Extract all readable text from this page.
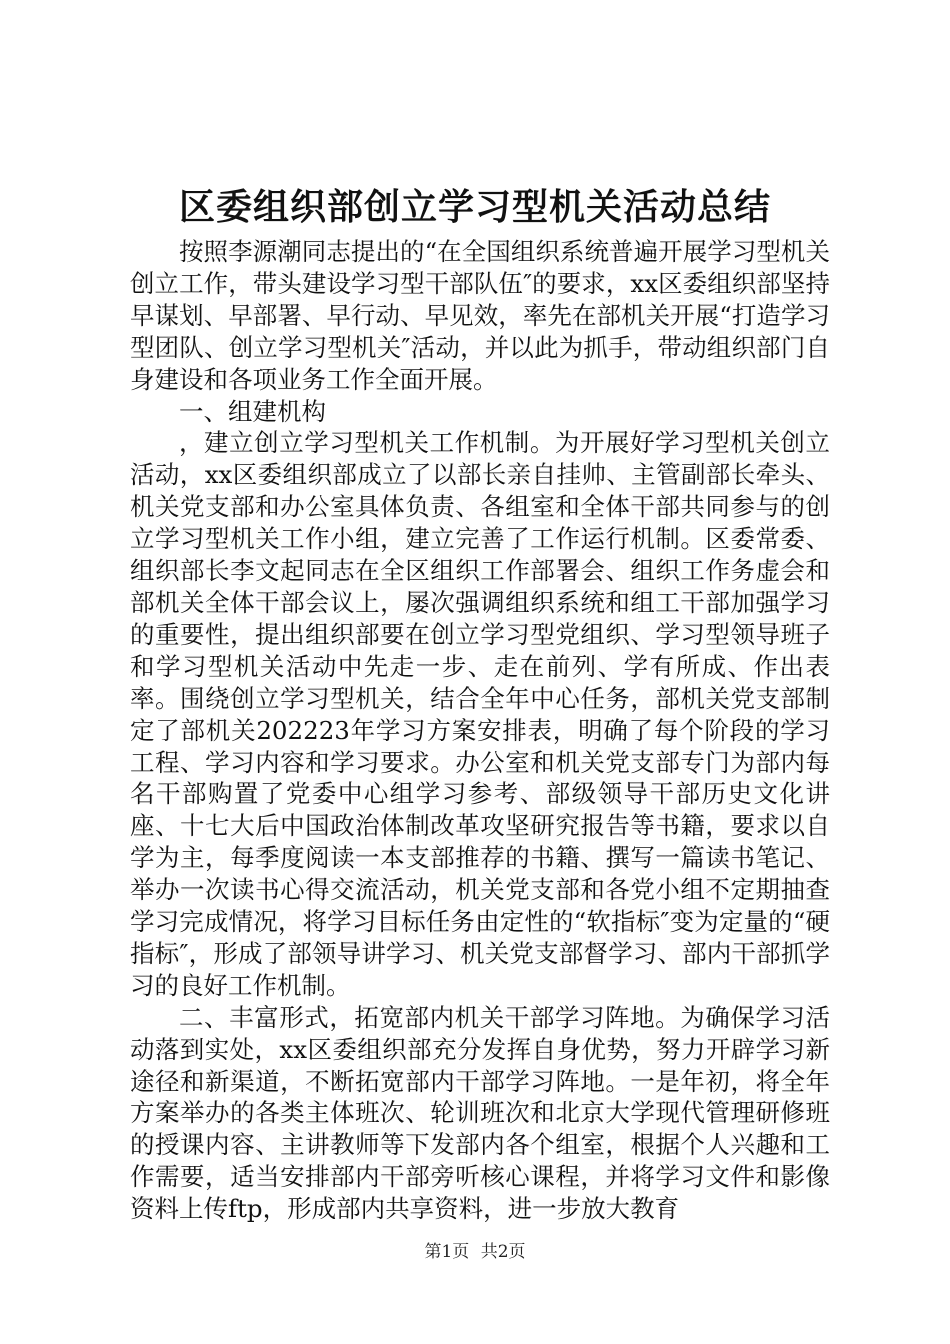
区委组织部创立学习型机关活动总结

按照李源潮同志提出的“在全国组织系统普遍开展学习型机关创立工作，带头建设学习型干部队伍″的要求，xx区委组织部坚持早谋划、早部署、早行动、早见效，率先在部机关开展“打造学习型团队、创立学习型机关″活动，并以此为抓手，带动组织部门自身建设和各项业务工作全面开展。

一、组建机构

，建立创立学习型机关工作机制。为开展好学习型机关创立活动，xx区委组织部成立了以部长亲自挂帅、主管副部长牵头、机关党支部和办公室具体负责、各组室和全体干部共同参与的创立学习型机关工作小组，建立完善了工作运行机制。区委常委、组织部长李文起同志在全区组织工作部署会、组织工作务虚会和部机关全体干部会议上，屡次强调组织系统和组工干部加强学习的重要性，提出组织部要在创立学习型党组织、学习型领导班子和学习型机关活动中先走一步、走在前列、学有所成、作出表率。围绕创立学习型机关，结合全年中心任务，部机关党支部制定了部机关202223年学习方案安排表，明确了每个阶段的学习工程、学习内容和学习要求。办公室和机关党支部专门为部内每名干部购置了党委中心组学习参考、部级领导干部历史文化讲座、十七大后中国政治体制改革攻坚研究报告等书籍，要求以自学为主，每季度阅读一本支部推荐的书籍、撰写一篇读书笔记、举办一次读书心得交流活动，机关党支部和各党小组不定期抽查学习完成情况，将学习目标任务由定性的“软指标″变为定量的“硬指标″，形成了部领导讲学习、机关党支部督学习、部内干部抓学习的良好工作机制。

二、丰富形式，拓宽部内机关干部学习阵地。为确保学习活动落到实处，xx区委组织部充分发挥自身优势，努力开辟学习新途径和新渠道，不断拓宽部内干部学习阵地。一是年初，将全年方案举办的各类主体班次、轮训班次和北京大学现代管理研修班的授课内容、主讲教师等下发部内各个组室，根据个人兴趣和工作需要，适当安排部内干部旁听核心课程，并将学习文件和影像资料上传ftp，形成部内共享资料，进一步放大教育

第1页 共2页
